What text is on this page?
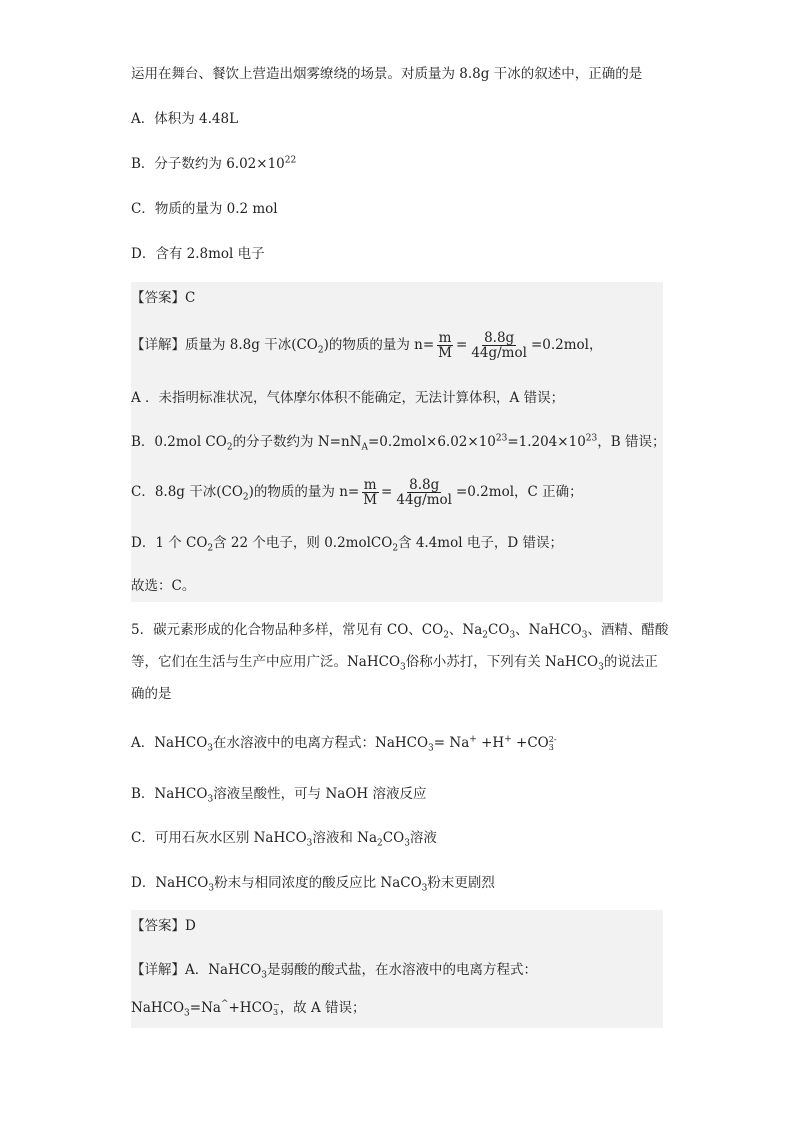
运用在舞台、餐饮上营造出烟雾缭绕的场景。对质量为 8.8g 干冰的叙述中，正确的是
A．体积为 4.48L
B．分子数约为 $6.02\times 10^{22}$
C．物质的量为 0.2 mol
D．含有 2.8mol 电子
【答案】C
【详解】质量为 8.8g 干冰$(CO_2)$的物质的量为 $n= \frac{m}{M} = \frac{8.8g}{\text{44g/mol}} =0.2mol$，
A ．未指明标准状况，气体摩尔体积不能确定，无法计算体积，A 错误；
B．0.2mol $CO_2$的分子数约为 $N=nN_A=0.2mol\times 6.02\times 10^{23}=1.204\times 10^{23}$，B 错误；
C．8.8g 干冰$(CO_2)$的物质的量为 $n= \frac{m}{M} = \frac{8.8g}{\text{44g/mol}} =0.2mol$，C 正确；
D．1 个 $CO_2$含 22 个电子，则 0.2molCO$_2$含 4.4mol 电子，D 错误；
故选：C。
5．碳元素形成的化合物品种多样，常见有 CO、$CO_2$、$Na_2CO_3$、NaHCO$_3$、酒精、醋酸
等，它们在生活与生产中应用广泛。NaHCO$_3$俗称小苏打，下列有关 NaHCO$_3$的说法正
确的是
A．NaHCO$_3$在水溶液中的电离方程式：NaHCO$_3$= Na+ +H+ +CO 2-
3
B．NaHCO$_3$溶液呈酸性，可与 NaOH 溶液反应
C．可用石灰水区别 NaHCO$_3$溶液和 $Na_2CO_3$溶液
D．NaHCO$_3$粉末与相同浓度的酸反应比 NaCO$_3$粉末更剧烈
【答案】D
【详解】A．NaHCO$_3$是弱酸的酸式盐，在水溶液中的电离方程式：
NaHCO$_3$=Na^+HCO −
3 ，故 A 错误；
